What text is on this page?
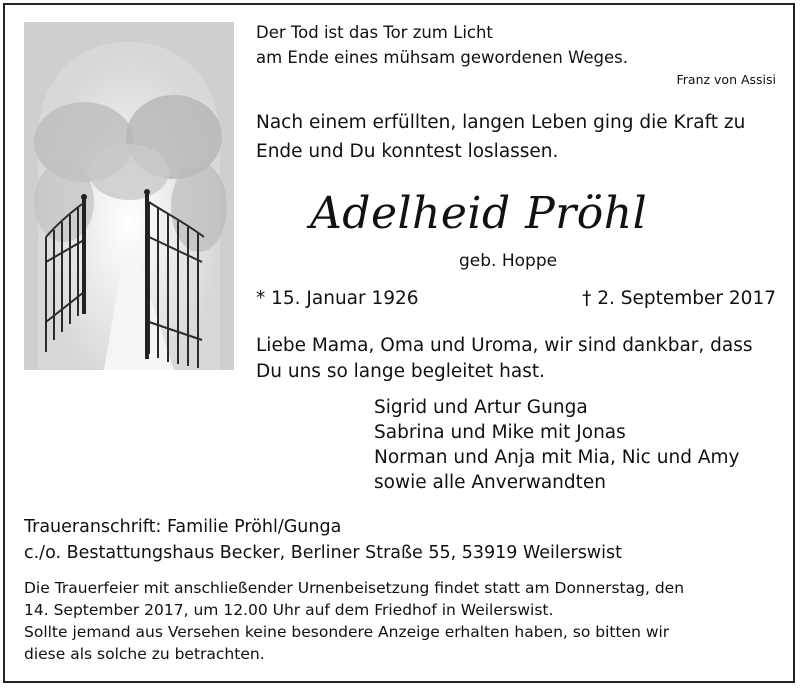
Der Tod ist das Tor zum Licht
am Ende eines mühsam gewordenen Weges.
Franz von Assisi
Nach einem erfüllten, langen Leben ging die Kraft zu
Ende und Du konntest loslassen.
Adelheid Pröhl
geb. Hoppe
* 15. Januar 1926	† 2. September 2017
Liebe Mama, Oma und Uroma, wir sind dankbar, dass
Du uns so lange begleitet hast.
Sigrid und Artur Gunga
Sabrina und Mike mit Jonas
Norman und Anja mit Mia, Nic und Amy
sowie alle Anverwandten
Traueranschrift: Familie Pröhl/Gunga
c./o. Bestattungshaus Becker, Berliner Straße 55, 53919 Weilerswist
Die Trauerfeier mit anschließender Urnenbeisetzung findet statt am Donnerstag, den
14. September 2017, um 12.00 Uhr auf dem Friedhof in Weilerswist.
Sollte jemand aus Versehen keine besondere Anzeige erhalten haben, so bitten wir
diese als solche zu betrachten.
